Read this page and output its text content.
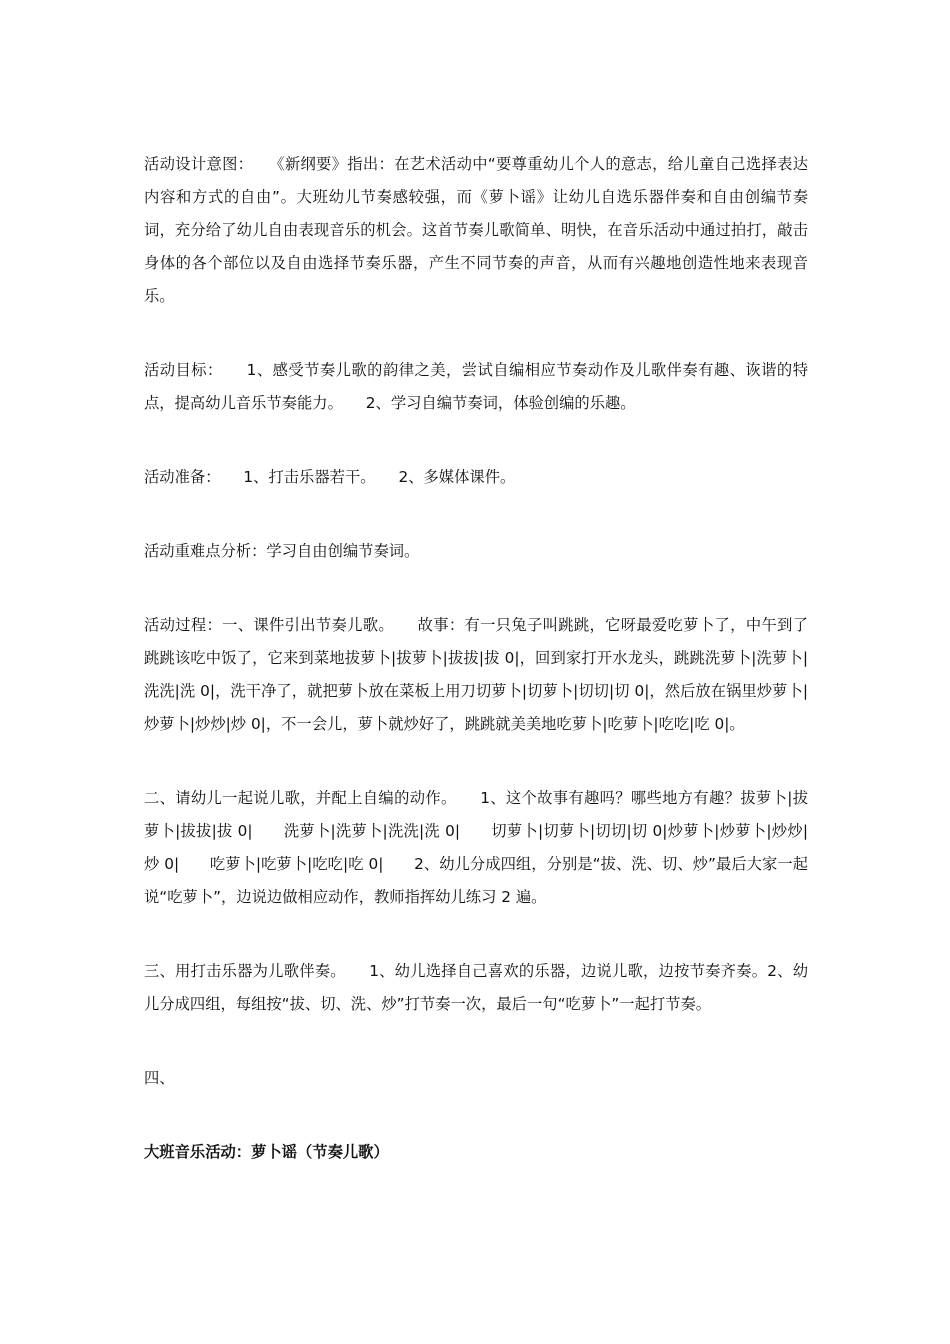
活动设计意图：　　《新纲要》指出：在艺术活动中“要尊重幼儿个人的意志，给儿童自己选择表达内容和方式的自由”。大班幼儿节奏感较强，而《萝卜谣》让幼儿自选乐器伴奏和自由创编节奏词，充分给了幼儿自由表现音乐的机会。这首节奏儿歌简单、明快，在音乐活动中通过拍打，敲击身体的各个部位以及自由选择节奏乐器，产生不同节奏的声音，从而有兴趣地创造性地来表现音乐。

活动目标：　　1、感受节奏儿歌的韵律之美，尝试自编相应节奏动作及儿歌伴奏有趣、诙谐的特点，提高幼儿音乐节奏能力。　　2、学习自编节奏词，体验创编的乐趣。

活动准备：　　1、打击乐器若干。　　2、多媒体课件。

活动重难点分析：学习自由创编节奏词。

活动过程：一、课件引出节奏儿歌。　　故事：有一只兔子叫跳跳，它呀最爱吃萝卜了，中午到了跳跳该吃中饭了，它来到菜地拔萝卜|拔萝卜|拔拔|拔 0|，回到家打开水龙头，跳跳洗萝卜|洗萝卜|洗洗|洗 0|，洗干净了，就把萝卜放在菜板上用刀切萝卜|切萝卜|切切|切 0|，然后放在锅里炒萝卜|炒萝卜|炒炒|炒 0|，不一会儿，萝卜就炒好了，跳跳就美美地吃萝卜|吃萝卜|吃吃|吃 0|。

二、请幼儿一起说儿歌，并配上自编的动作。　　1、这个故事有趣吗？哪些地方有趣？拔萝卜|拔萝卜|拔拔|拔 0|　　洗萝卜|洗萝卜|洗洗|洗 0|　　切萝卜|切萝卜|切切|切 0|炒萝卜|炒萝卜|炒炒|炒 0|　　吃萝卜|吃萝卜|吃吃|吃 0|　　2、幼儿分成四组，分别是“拔、洗、切、炒”最后大家一起说“吃萝卜”，边说边做相应动作，教师指挥幼儿练习 2 遍。

三、用打击乐器为儿歌伴奏。　　1、幼儿选择自己喜欢的乐器，边说儿歌，边按节奏齐奏。2、幼儿分成四组，每组按“拔、切、洗、炒”打节奏一次，最后一句“吃萝卜”一起打节奏。

四、

大班音乐活动：萝卜谣（节奏儿歌）
